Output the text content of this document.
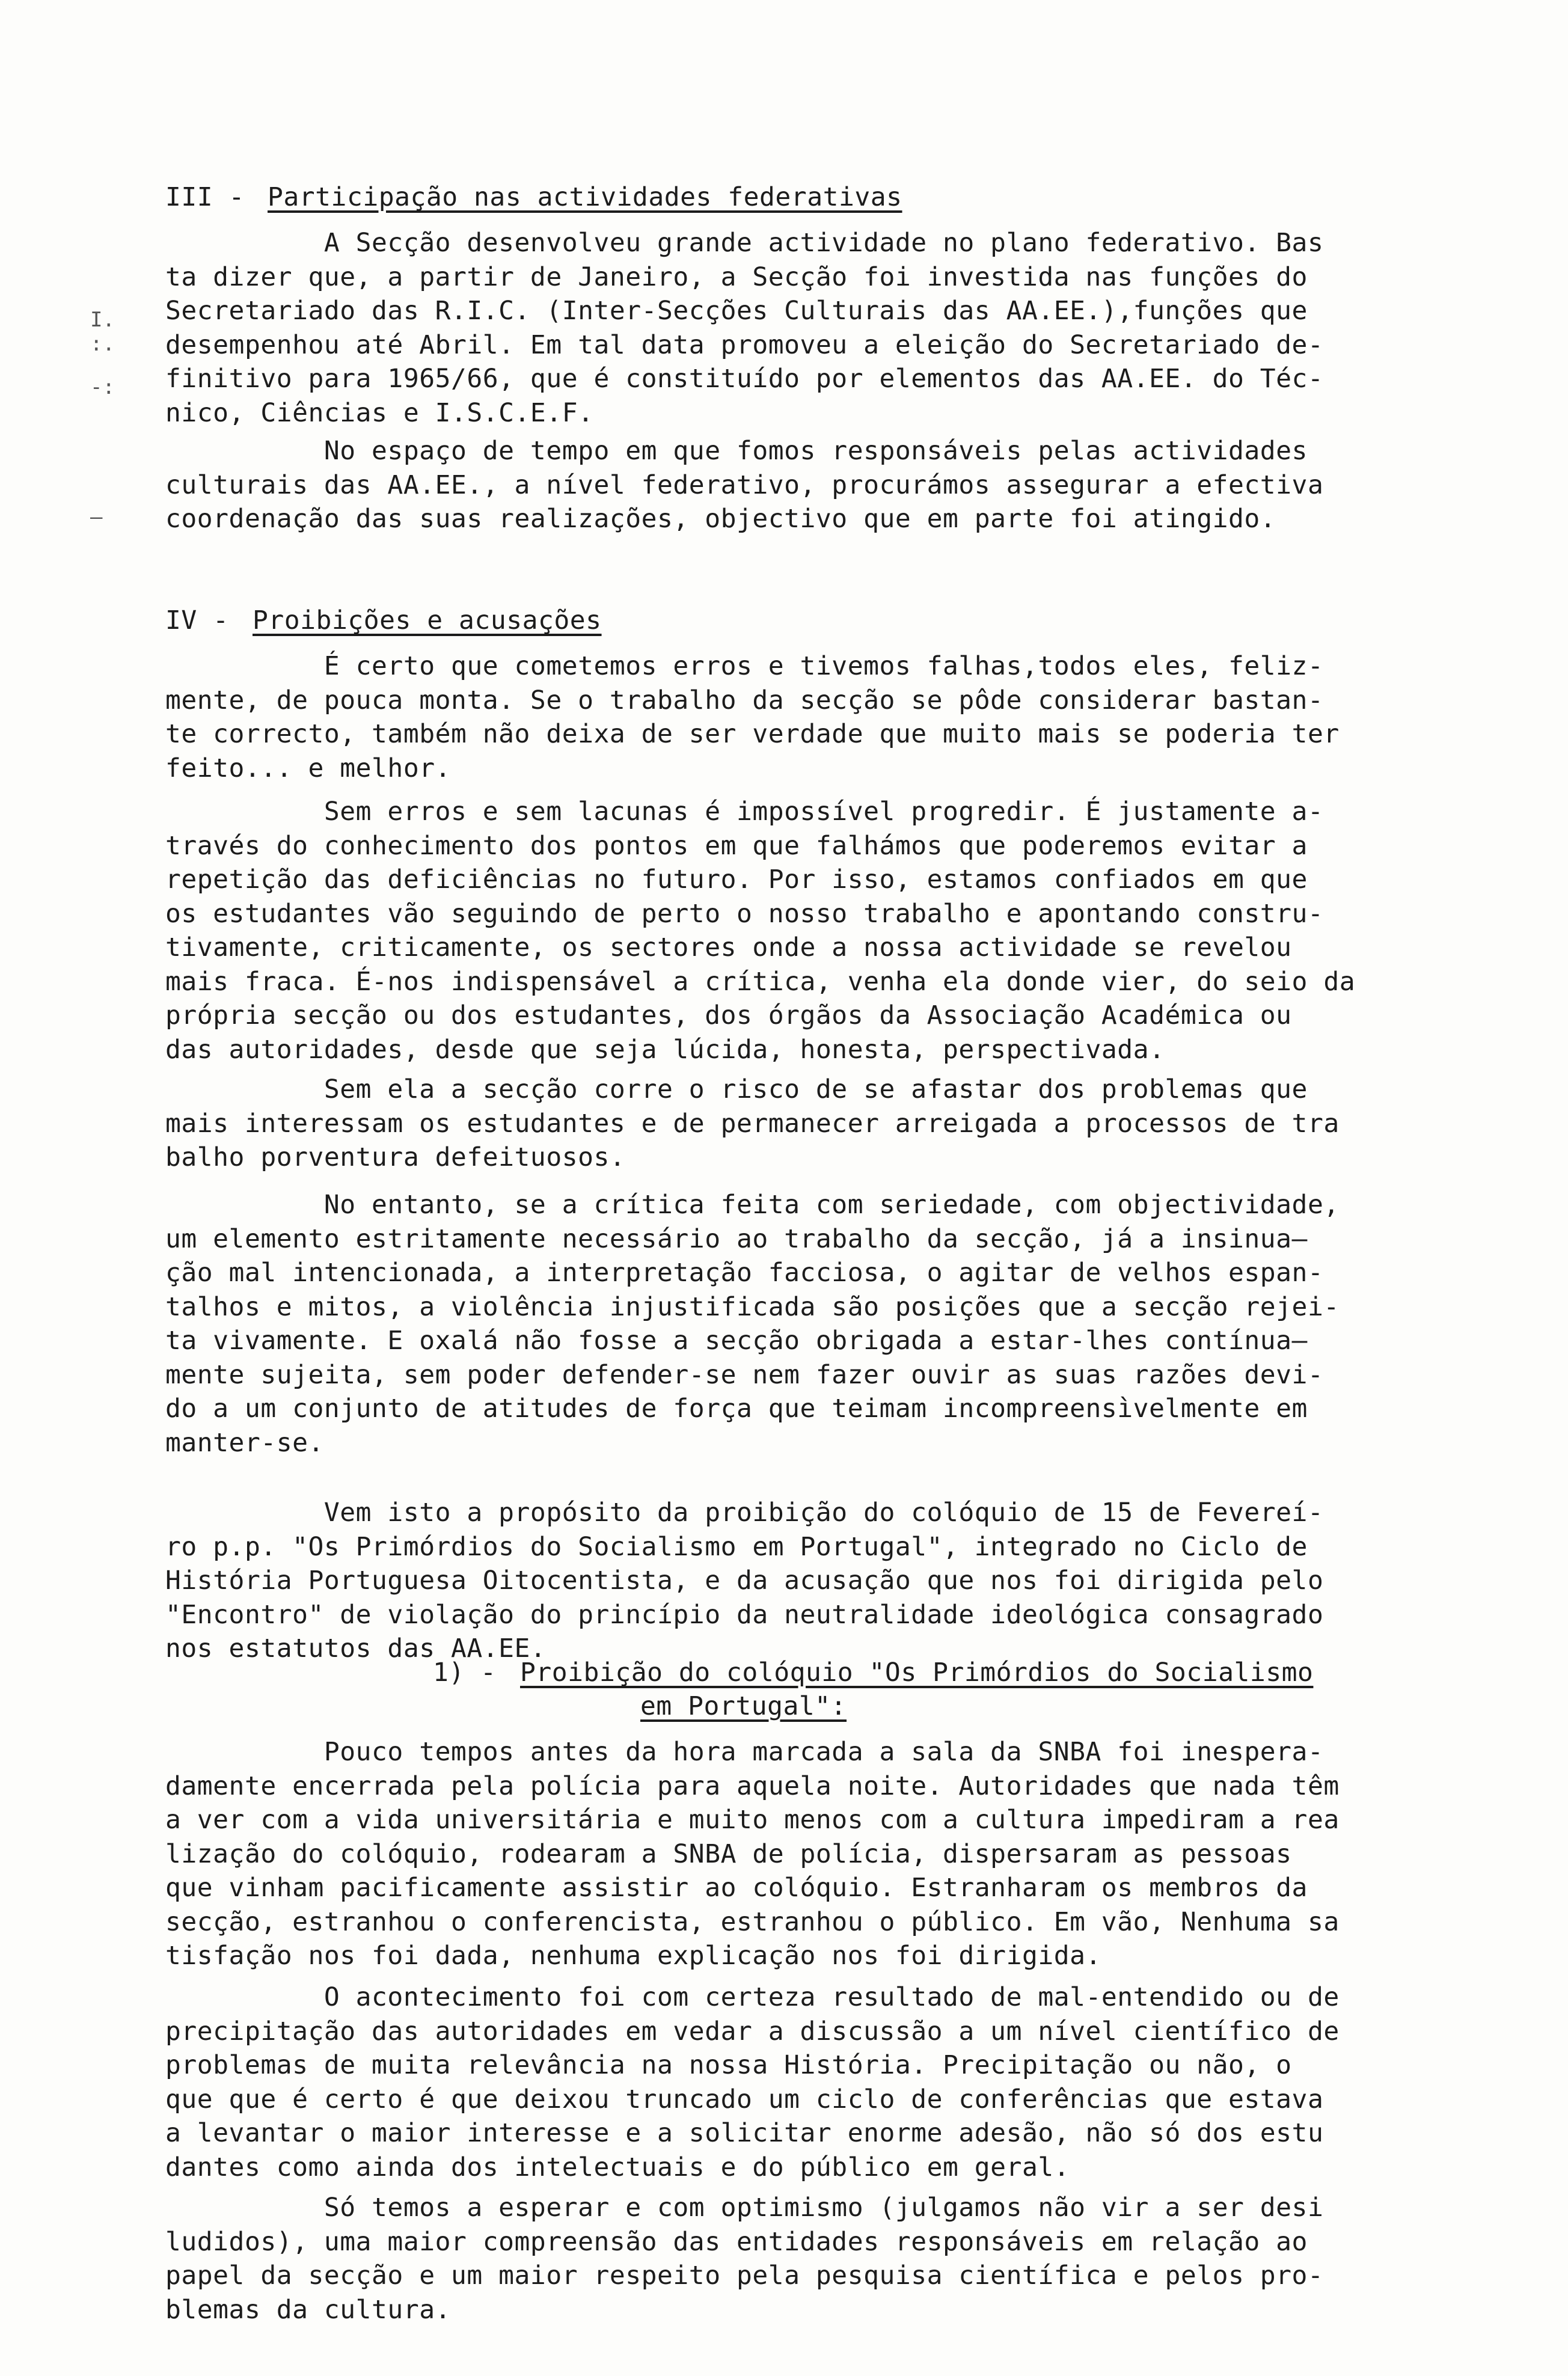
III - Participação nas actividades federativas
A Secção desenvolveu grande actividade no plano federativo. Bas
ta dizer que, a partir de Janeiro, a Secção foi investida nas funções do
Secretariado das R.I.C. (Inter-Secções Culturais das AA.EE.),funções que
desempenhou até Abril. Em tal data promoveu a eleição do Secretariado de-
finitivo para 1965/66, que é constituído por elementos das AA.EE. do Téc-
nico, Ciências e I.S.C.E.F.
No espaço de tempo em que fomos responsáveis pelas actividades
culturais das AA.EE., a nível federativo, procurámos assegurar a efectiva
coordenação das suas realizações, objectivo que em parte foi atingido.
IV - Proibições e acusações
É certo que cometemos erros e tivemos falhas,todos eles, feliz-
mente, de pouca monta. Se o trabalho da secção se pôde considerar bastan-
te correcto, também não deixa de ser verdade que muito mais se poderia ter
feito... e melhor.
Sem erros e sem lacunas é impossível progredir. É justamente a-
través do conhecimento dos pontos em que falhámos que poderemos evitar a
repetição das deficiências no futuro. Por isso, estamos confiados em que
os estudantes vão seguindo de perto o nosso trabalho e apontando constru-
tivamente, criticamente, os sectores onde a nossa actividade se revelou
mais fraca. É-nos indispensável a crítica, venha ela donde vier, do seio da
própria secção ou dos estudantes, dos órgãos da Associação Académica ou
das autoridades, desde que seja lúcida, honesta, perspectivada.
Sem ela a secção corre o risco de se afastar dos problemas que
mais interessam os estudantes e de permanecer arreigada a processos de tra
balho porventura defeituosos.
No entanto, se a crítica feita com seriedade, com objectividade,
um elemento estritamente necessário ao trabalho da secção, já a insinua—
ção mal intencionada, a interpretação facciosa, o agitar de velhos espan-
talhos e mitos, a violência injustificada são posições que a secção rejei-
ta vivamente. E oxalá não fosse a secção obrigada a estar-lhes contínua—
mente sujeita, sem poder defender-se nem fazer ouvir as suas razões devi-
do a um conjunto de atitudes de força que teimam incompreensìvelmente em
manter-se.
Vem isto a propósito da proibição do colóquio de 15 de Fevereí-
ro p.p. "Os Primórdios do Socialismo em Portugal", integrado no Ciclo de
História Portuguesa Oitocentista, e da acusação que nos foi dirigida pelo
"Encontro" de violação do princípio da neutralidade ideológica consagrado
nos estatutos das AA.EE.
1) - Proibição do colóquio "Os Primórdios do Socialismo
em Portugal":
Pouco tempos antes da hora marcada a sala da SNBA foi inespera-
damente encerrada pela polícia para aquela noite. Autoridades que nada têm
a ver com a vida universitária e muito menos com a cultura impediram a rea
lização do colóquio, rodearam a SNBA de polícia, dispersaram as pessoas
que vinham pacificamente assistir ao colóquio. Estranharam os membros da
secção, estranhou o conferencista, estranhou o público. Em vão, Nenhuma sa
tisfação nos foi dada, nenhuma explicação nos foi dirigida.
O acontecimento foi com certeza resultado de mal-entendido ou de
precipitação das autoridades em vedar a discussão a um nível científico de
problemas de muita relevância na nossa História. Precipitação ou não, o
que que é certo é que deixou truncado um ciclo de conferências que estava
a levantar o maior interesse e a solicitar enorme adesão, não só dos estu
dantes como ainda dos intelectuais e do público em geral.
Só temos a esperar e com optimismo (julgamos não vir a ser desi
ludidos), uma maior compreensão das entidades responsáveis em relação ao
papel da secção e um maior respeito pela pesquisa científica e pelos pro-
blemas da cultura.
I.
:.
-:
—
